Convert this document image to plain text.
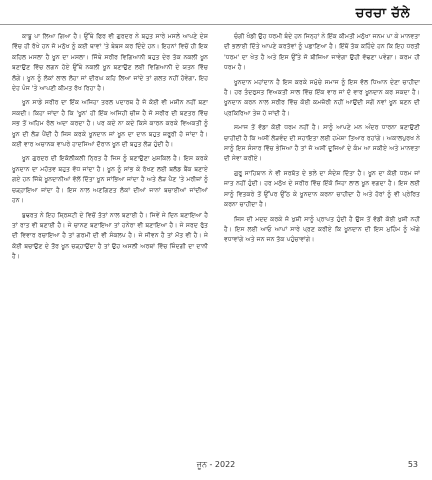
ਚਰਚਾ ਚੱਲੇ

ਕਾਬੂ ਪਾ ਲਿਆ ਗਿਆ ਹੈ। ਉੱਥੇ ਫਿਰ ਵੀ ਗੁਰਦਰ ਨੇ ਬਹੁਤ ਸਾਰੇ ਮਸਲੇ ਆਪਣੇ ਦੇਸ਼ ਵਿੱਚ ਹੀ ਰੱਖੇ ਹਨ ਜੋ ਮਨੁੱਖ ਨੂੰ ਕਈ ਥਾਵਾਂ 'ਤੇ ਬੇਬਸ ਕਰ ਦਿੰਦੇ ਹਨ। ਇਹਨਾਂ ਵਿਚੋਂ ਹੀ ਇਕ ਕਹਿਲ ਮਸਲਾ ਹੈ ਖੂਨ ਦਾ ਮਸਲਾ। ਜਿੱਥੇ ਸਰੀਰ ਵਿਗਿਆਨੀ ਬਹੁਤ ਦੇਰ ਤੱਕ ਨਕਲੀ ਖੂਨ ਬਣਾਉਣ ਵਿੱਚ ਲਗਨ ਹੋਏ ਉੱਥੇ ਨਕਲੀ ਖੂਨ ਬਣਾਉਣ ਲਈ ਵਿਗਿਆਨੀ ਦੇ ਯਤਨ ਵਿੱਚ ਲੱਗੇ। ਖੂਨ ਨੂੰ ਲੋਕਾਂ ਲਾਲ ਲੋਹਾ ਜਾਂ ਦੀਰਘ ਕਹਿ ਲਿਆ ਜਾਂਦੇ ਤਾਂ ਗਲਤ ਨਹੀਂ ਹੋਵੇਗਾ, ਇਹ ਦੇਹ ਪੰਜ 'ਤੇ ਆਪਣੀ ਕੀਮਤ ਰੱਖ ਰਿਹਾ ਹੈ।

ਖੂਨ ਸਾਡੇ ਸਰੀਰ ਦਾ ਇੱਕ ਅਜਿਹਾ ਤਰਲ ਪਦਾਰਥ ਹੈ ਜੋ ਕੋਈ ਵੀ ਮਸ਼ੀਨ ਨਹੀਂ ਬਣਾ ਸਕਦੀ। ਕਿਹਾ ਜਾਂਦਾ ਹੈ ਕਿ 'ਖੂਨ' ਹੀ ਇੱਕ ਅਜਿਹੀ ਚੀਜ਼ ਹੈ ਜੋ ਸਰੀਰ ਦੀ ਬਣਤਰ ਵਿੱਚ ਸਭ ਤੋਂ ਅਹਿਮ ਰੋਲ ਅਦਾ ਕਰਦਾ ਹੈ। ਪਰ ਕਦੇ ਨਾ ਕਦੇ ਕਿਸੇ ਕਾਰਨ ਕਰਕੇ ਵਿਅਕਤੀ ਨੂੰ ਖੂਨ ਦੀ ਲੋੜ ਪੈਂਦੀ ਹੈ ਜਿਸ ਕਰਕੇ ਖੂਨਦਾਨ ਜਾਂ ਖੂਨ ਦਾ ਦਾਨ ਬਹੁਤ ਜ਼ਰੂਰੀ ਹੋ ਜਾਂਦਾ ਹੈ। ਕਈ ਵਾਰ ਅਚਾਨਕ ਵਾਪਰੇ ਹਾਦਸਿਆਂ ਦੌਰਾਨ ਖੂਨ ਦੀ ਬਹੁਤ ਲੋੜ ਹੁੰਦੀ ਹੈ।

ਖੂਨ ਗੁਰਦਰ ਦੀ ਇਕੱਲੀਕਲੀ ਨ੍ਰਿਤ ਹੈ ਜਿਸ ਨੂੰ ਬਣਾਉਣਾ ਮੁਸ਼ਕਿਲ ਹੈ। ਇਸ ਕਰਕੇ ਖੂਨਦਾਨ ਦਾ ਮਹੱਤਵ ਬਹੁਤ ਵੱਧ ਜਾਂਦਾ ਹੈ। ਖੂਨ ਨੂੰ ਸਾਂਭ ਕੇ ਰੱਖਣ ਲਈ ਬਲੱਡ ਬੈਂਕ ਬਣਾਏ ਗਏ ਹਨ ਜਿੱਥੇ ਖੂਨਦਾਨੀਆਂ ਵੱਲੋਂ ਦਿੱਤਾ ਖੂਨ ਸਾਂਭਿਆ ਜਾਂਦਾ ਹੈ ਅਤੇ ਲੋੜ ਪੈਣ 'ਤੇ ਮਰੀਜ਼ਾਂ ਨੂੰ ਚੜ੍ਹਾਇਆ ਜਾਂਦਾ ਹੈ। ਇਸ ਨਾਲ ਅਣਗਿਣਤ ਲੋਕਾਂ ਦੀਆਂ ਜਾਨਾਂ ਬਚਾਈਆਂ ਜਾਂਦੀਆਂ ਹਨ।

ਬੁਢਰਤ ਨੇ ਇਹ ਸ਼੍ਰਿਸ਼ਟੀ ਦੇ ਵਿਚੋਂ ਤੱਤਾਂ ਨਾਲ ਬਣਾਈ ਹੈ। ਜਿਵੇਂ ਜੇ ਦਿਨ ਬਣਾਇਆ ਹੈ ਤਾਂ ਰਾਤ ਵੀ ਬਣਾਈ ਹੈ। ਜੇ ਚਾਨਣ ਬਣਾਇਆ ਤਾਂ ਹਨੇਰਾ ਵੀ ਬਣਾਇਆ ਹੈ। ਜੇ ਸਰਦ ਰੁੱਤ ਦੀ ਵਿਵਾਰ ਰਚਾਇਆ ਹੈ ਤਾਂ ਗਰਮੀ ਦੀ ਵੀ ਸੰਕਲਪ ਹੈ। ਜੇ ਜੀਵਨ ਹੈ ਤਾਂ ਮੌਤ ਵੀ ਹੈ। ਜੇ ਕੋਈ ਬਚਾਉਣ ਦੇ ਤੌਰ ਖੂਨ ਚੜ੍ਹਾਉਂਦਾ ਹੈ ਤਾਂ ਉਹ ਅਸਲੀ ਅਰਥਾਂ ਵਿੱਚ ਜ਼ਿੰਦਗੀ ਦਾ ਦਾਨੀ ਹੈ।

ਚੰਗੀ ਖੰਡੀ ਉਹ ਧਰਮੀ ਬੰਦੇ ਹਨ ਜਿਨ੍ਹਾਂ ਨੇ ਇੱਕ ਕੀਮਤੀ ਮਨੁੱਖਾ ਜਨਮ ਪਾ ਕੇ ਮਾਨਵਤਾ ਦੀ ਭਲਾਈ ਦਿੱਤੇ ਆਪਣੇ ਕਰਤੱਵਾਂ ਨੂੰ ਪਛਾਣਿਆ ਹੈ। ਇੱਥੋਂ ਤੱਕ ਕਹਿੰਦੇ ਹਨ ਕਿ ਇਹ ਧਰਤੀ 'ਧਰਮ' ਦਾ ਖੇਤ ਹੈ ਅਤੇ ਇਸ ਉੱਤੇ ਜੋ ਬੀਜਿਆ ਜਾਵੇਗਾ ਉਹੀ ਵੱਢਣਾ ਪਵੇਗਾ। ਕਰਮ ਹੀ ਧਰਮ ਹੈ।

ਖੂਨਦਾਨ ਮਹਾਂਦਾਨ ਹੈ ਇਸ ਕਰਕੇ ਸਮੁੱਚੇ ਸਮਾਜ ਨੂੰ ਇਸ ਵੱਲ ਧਿਆਨ ਦੇਣਾ ਚਾਹੀਦਾ ਹੈ। ਹਰ ਤੰਦਰੁਸਤ ਵਿਅਕਤੀ ਸਾਲ ਵਿੱਚ ਇੱਕ ਵਾਰ ਜਾਂ ਦੋ ਵਾਰ ਖੂਨਦਾਨ ਕਰ ਸਕਦਾ ਹੈ। ਖੂਨਦਾਨ ਕਰਨ ਨਾਲ ਸਰੀਰ ਵਿੱਚ ਕੋਈ ਕਮਜ਼ੋਰੀ ਨਹੀਂ ਆਉਂਦੀ ਸਗੋਂ ਨਵਾਂ ਖੂਨ ਬਣਨ ਦੀ ਪ੍ਰਕਿਰਿਆ ਤੇਜ਼ ਹੋ ਜਾਂਦੀ ਹੈ।

ਸਮਾਜ ਤੋਂ ਵੱਡਾ ਕੋਈ ਧਰਮ ਨਹੀਂ ਹੈ। ਸਾਨੂੰ ਆਪਣੇ ਮਨ ਅੰਦਰ ਧਾਰਨਾ ਬਣਾਉਣੀ ਚਾਹੀਦੀ ਹੈ ਕਿ ਅਸੀਂ ਲੋੜਵੰਦ ਦੀ ਸਹਾਇਤਾ ਲਈ ਹਮੇਸ਼ਾ ਤਿਆਰ ਰਹਾਂਗੇ। ਅਕਾਲਪੁਰਖ ਨੇ ਸਾਨੂੰ ਇਸ ਸੰਸਾਰ ਵਿੱਚ ਭੇਜਿਆ ਹੈ ਤਾਂ ਜੋ ਅਸੀਂ ਦੂਜਿਆਂ ਦੇ ਕੰਮ ਆ ਸਕੀਏ ਅਤੇ ਮਾਨਵਤਾ ਦੀ ਸੇਵਾ ਕਰੀਏ।

ਗੁਰੂ ਸਾਹਿਬਾਨ ਨੇ ਵੀ ਸਰਬੱਤ ਦੇ ਭਲੇ ਦਾ ਸੰਦੇਸ਼ ਦਿੱਤਾ ਹੈ। ਖੂਨ ਦਾ ਕੋਈ ਧਰਮ ਜਾਂ ਜਾਤ ਨਹੀਂ ਹੁੰਦੀ। ਹਰ ਮਨੁੱਖ ਦੇ ਸਰੀਰ ਵਿੱਚ ਇੱਕੋ ਜਿਹਾ ਲਾਲ ਖੂਨ ਵਗਦਾ ਹੈ। ਇਸ ਲਈ ਸਾਨੂੰ ਵਿਤਕਰੇ ਤੋਂ ਉੱਪਰ ਉੱਠ ਕੇ ਖੂਨਦਾਨ ਕਰਨਾ ਚਾਹੀਦਾ ਹੈ ਅਤੇ ਹੋਰਾਂ ਨੂੰ ਵੀ ਪ੍ਰੇਰਿਤ ਕਰਨਾ ਚਾਹੀਦਾ ਹੈ।

ਜਿਸ ਦੀ ਮਦਦ ਕਰਕੇ ਜੋ ਖੁਸ਼ੀ ਸਾਨੂੰ ਪ੍ਰਾਪਤ ਹੁੰਦੀ ਹੈ ਉਸ ਤੋਂ ਵੱਡੀ ਕੋਈ ਖੁਸ਼ੀ ਨਹੀਂ ਹੈ। ਇਸ ਲਈ ਆਓ ਆਪਾਂ ਸਾਰੇ ਪ੍ਰਣ ਕਰੀਏ ਕਿ ਖੂਨਦਾਨ ਦੀ ਇਸ ਮੁਹਿੰਮ ਨੂੰ ਅੱਗੇ ਵਧਾਵਾਂਗੇ ਅਤੇ ਜਨ ਜਨ ਤੱਕ ਪਹੁੰਚਾਵਾਂਗੇ।

ਜੂਨ - 2022	53
